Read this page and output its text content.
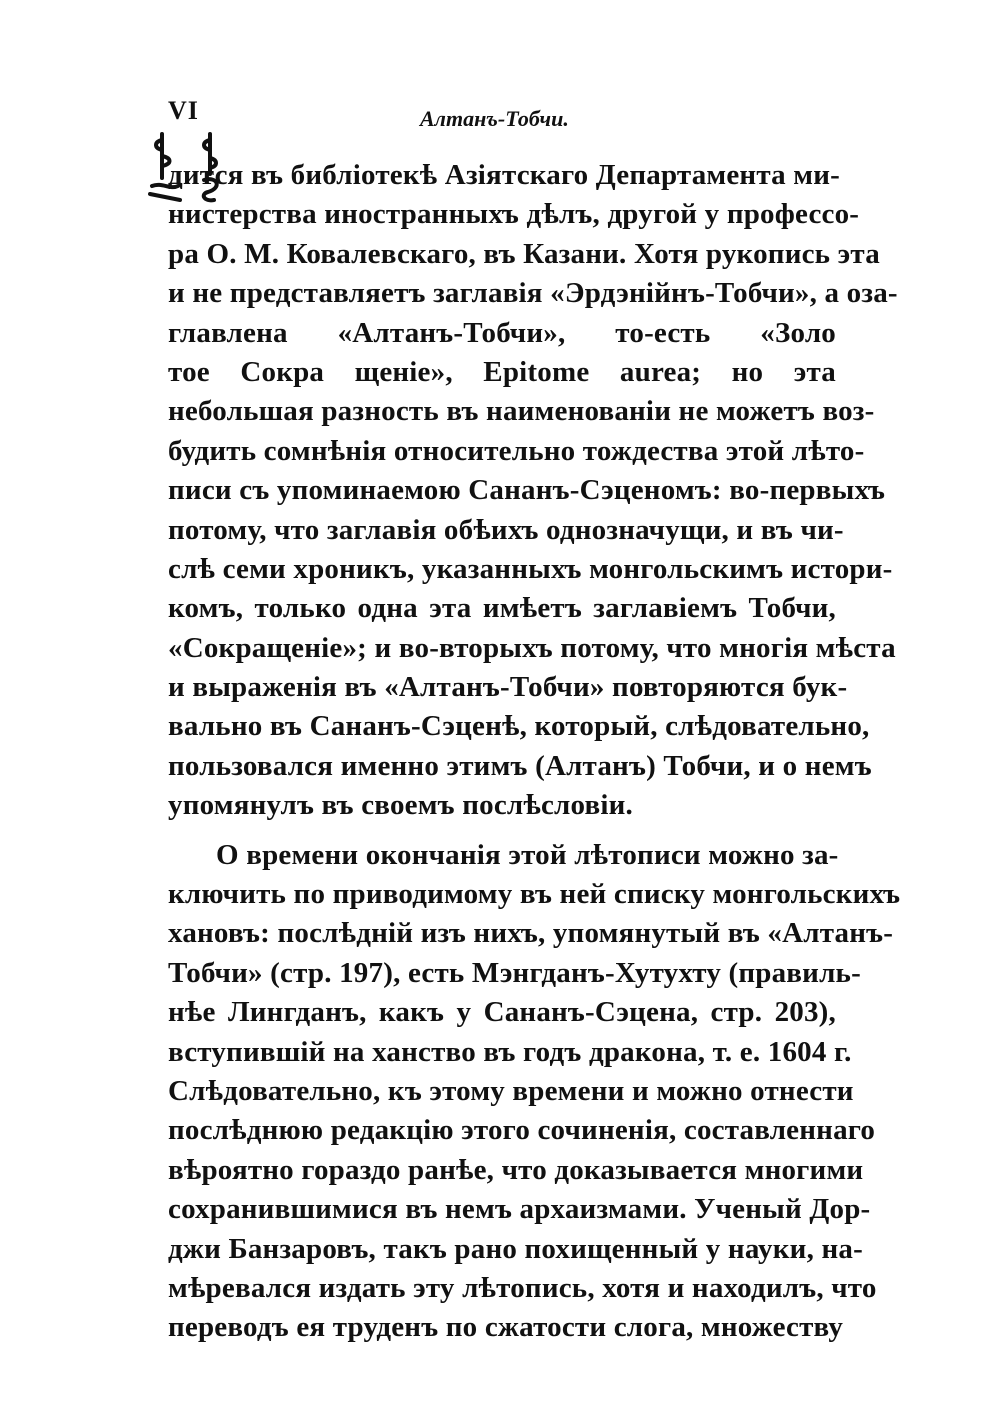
VI	Алтанъ-Тобчи.
дится въ библіотекѣ Азіятскаго Департамента ми-
нистерства иностранныхъ дѣлъ, другой у профессо-
ра О. М. Ковалевскаго, въ Казани. Хотя рукопись эта
и не представляетъ заглавія «Эрдэнійнъ-Тобчи», а оза-
главлена «Алтанъ-Тобчи», то-есть «Золо
тое Сокра щеніе», Epitome aurea; но эта
небольшая разность въ наименованіи не можетъ воз-
будить сомнѣнія относительно тождества этой лѣто-
писи съ упоминаемою Cанaнъ-Сэценомъ: во-первыхъ
потому, что заглавія обѣихъ однозначущи, и въ чи-
слѣ семи хроникъ, указанныхъ монгольскимъ истори-
комъ, только одна эта имѣетъ заглавіемъ Тобчи,
«Сокращеніе»; и во-вторыхъ потому, что многія мѣста
и выраженія въ «Алтанъ-Тобчи» повторяются бук-
вально въ Cанaнъ-Сэценѣ, который, слѣдовательно,
пользовался именно этимъ (Алтанъ) Тобчи, и о немъ
упомянулъ въ своемъ послѣсловіи.
О времени окончанія этой лѣтописи можно за-
ключить по приводимому въ ней списку монгольскихъ
хановъ: послѣдній изъ нихъ, упомянутый въ «Алтанъ-
Тобчи» (стр. 197), есть Мэнгданъ-Хутухту (правиль-
нѣе Лингданъ, какъ у Cанaнъ-Сэцена, стр. 203),
вступившій на ханство въ годъ дракона, т. е. 1604 г.
Слѣдовательно, къ этому времени и можно отнести
послѣднюю редакцію этого сочиненія, составленнаго
вѣроятно гораздо ранѣе, что доказывается многими
сохранившимися въ немъ архаизмами. Ученый Дор-
джи Банзаровъ, такъ рано похищенный у науки, на-
мѣревался издать эту лѣтопись, хотя и находилъ, что
переводъ ея труденъ по сжатости слога, множеству
